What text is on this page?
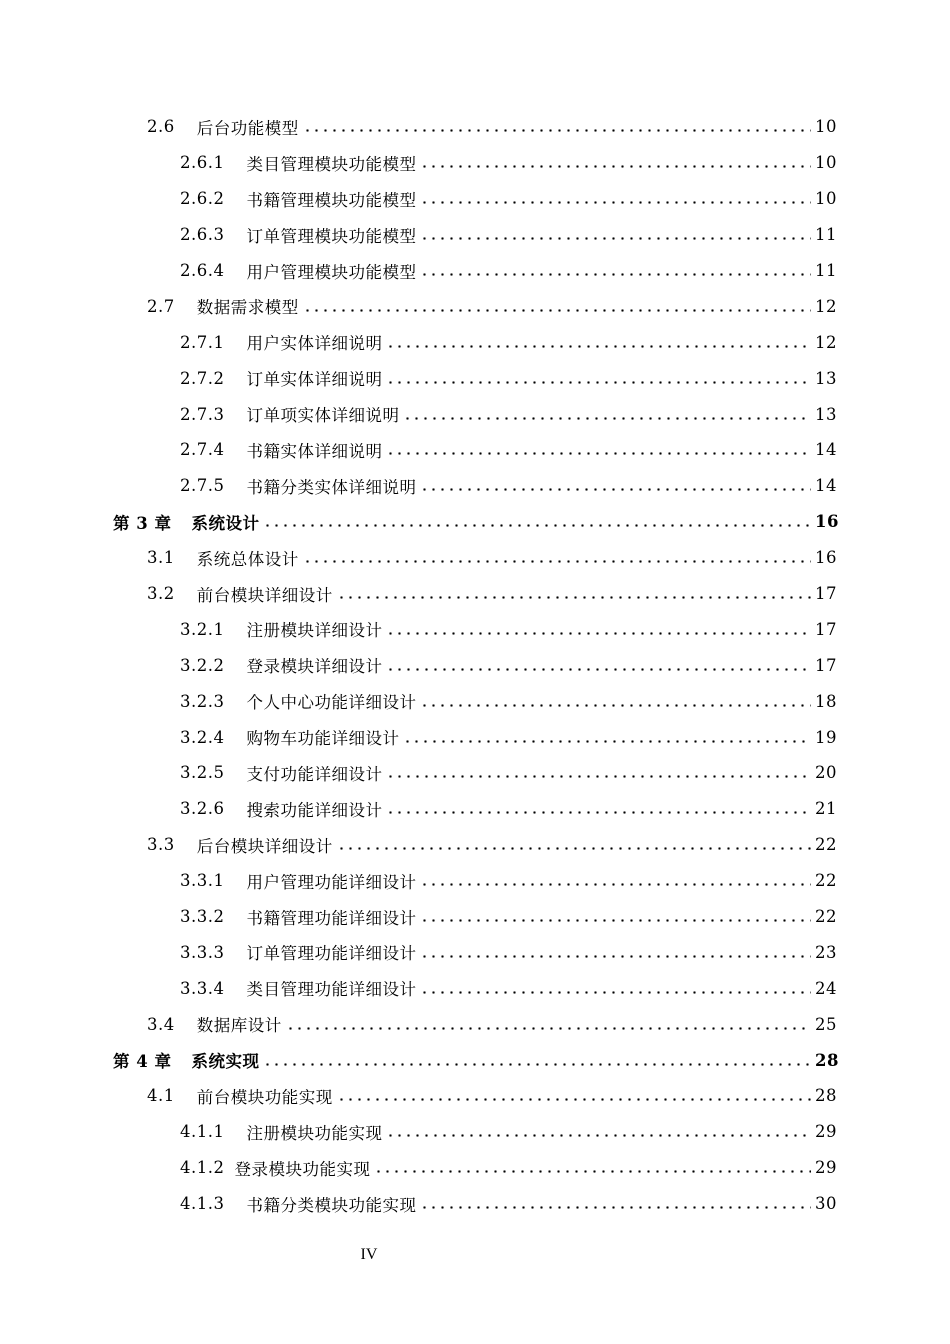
2.6 后台功能模型	10
2.6.1 类目管理模块功能模型	10
2.6.2 书籍管理模块功能模型	10
2.6.3 订单管理模块功能模型	11
2.6.4 用户管理模块功能模型	11
2.7 数据需求模型	12
2.7.1 用户实体详细说明	12
2.7.2 订单实体详细说明	13
2.7.3 订单项实体详细说明	13
2.7.4 书籍实体详细说明	14
2.7.5 书籍分类实体详细说明	14
第 3 章 系统设计	16
3.1 系统总体设计	16
3.2 前台模块详细设计	17
3.2.1 注册模块详细设计	17
3.2.2 登录模块详细设计	17
3.2.3 个人中心功能详细设计	18
3.2.4 购物车功能详细设计	19
3.2.5 支付功能详细设计	20
3.2.6 搜索功能详细设计	21
3.3 后台模块详细设计	22
3.3.1 用户管理功能详细设计	22
3.3.2 书籍管理功能详细设计	22
3.3.3 订单管理功能详细设计	23
3.3.4 类目管理功能详细设计	24
3.4 数据库设计	25
第 4 章 系统实现	28
4.1 前台模块功能实现	28
4.1.1 注册模块功能实现	29
4.1.2 登录模块功能实现	29
4.1.3 书籍分类模块功能实现	30
IV
